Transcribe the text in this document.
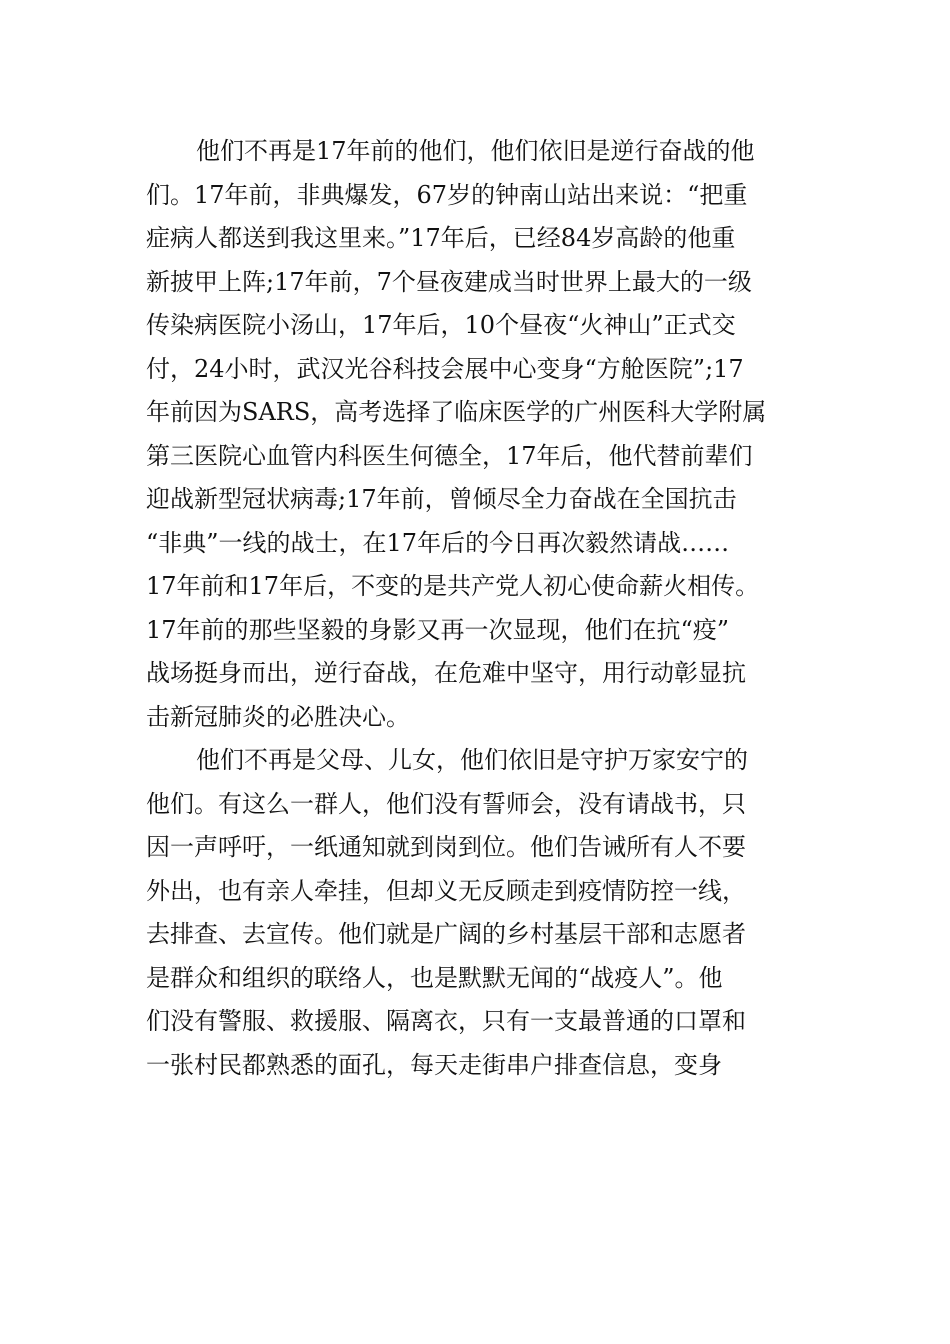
他们不再是17年前的他们，他们依旧是逆行奋战的他
们。17年前，非典爆发，67岁的钟南山站出来说：“把重
症病人都送到我这里来。”17年后，已经84岁高龄的他重
新披甲上阵;17年前，7个昼夜建成当时世界上最大的一级
传染病医院小汤山，17年后，10个昼夜“火神山”正式交
付，24小时，武汉光谷科技会展中心变身“方舱医院”;17
年前因为SARS，高考选择了临床医学的广州医科大学附属
第三医院心血管内科医生何德全，17年后，他代替前辈们
迎战新型冠状病毒;17年前，曾倾尽全力奋战在全国抗击
“非典”一线的战士，在17年后的今日再次毅然请战……
17年前和17年后，不变的是共产党人初心使命薪火相传。
17年前的那些坚毅的身影又再一次显现，他们在抗“疫”
战场挺身而出，逆行奋战，在危难中坚守，用行动彰显抗
击新冠肺炎的必胜决心。
他们不再是父母、儿女，他们依旧是守护万家安宁的
他们。有这么一群人，他们没有誓师会，没有请战书，只
因一声呼吁，一纸通知就到岗到位。他们告诫所有人不要
外出，也有亲人牵挂，但却义无反顾走到疫情防控一线，
去排查、去宣传。他们就是广阔的乡村基层干部和志愿者
是群众和组织的联络人，也是默默无闻的“战疫人”。他
们没有警服、救援服、隔离衣，只有一支最普通的口罩和
一张村民都熟悉的面孔，每天走街串户排查信息，变身
